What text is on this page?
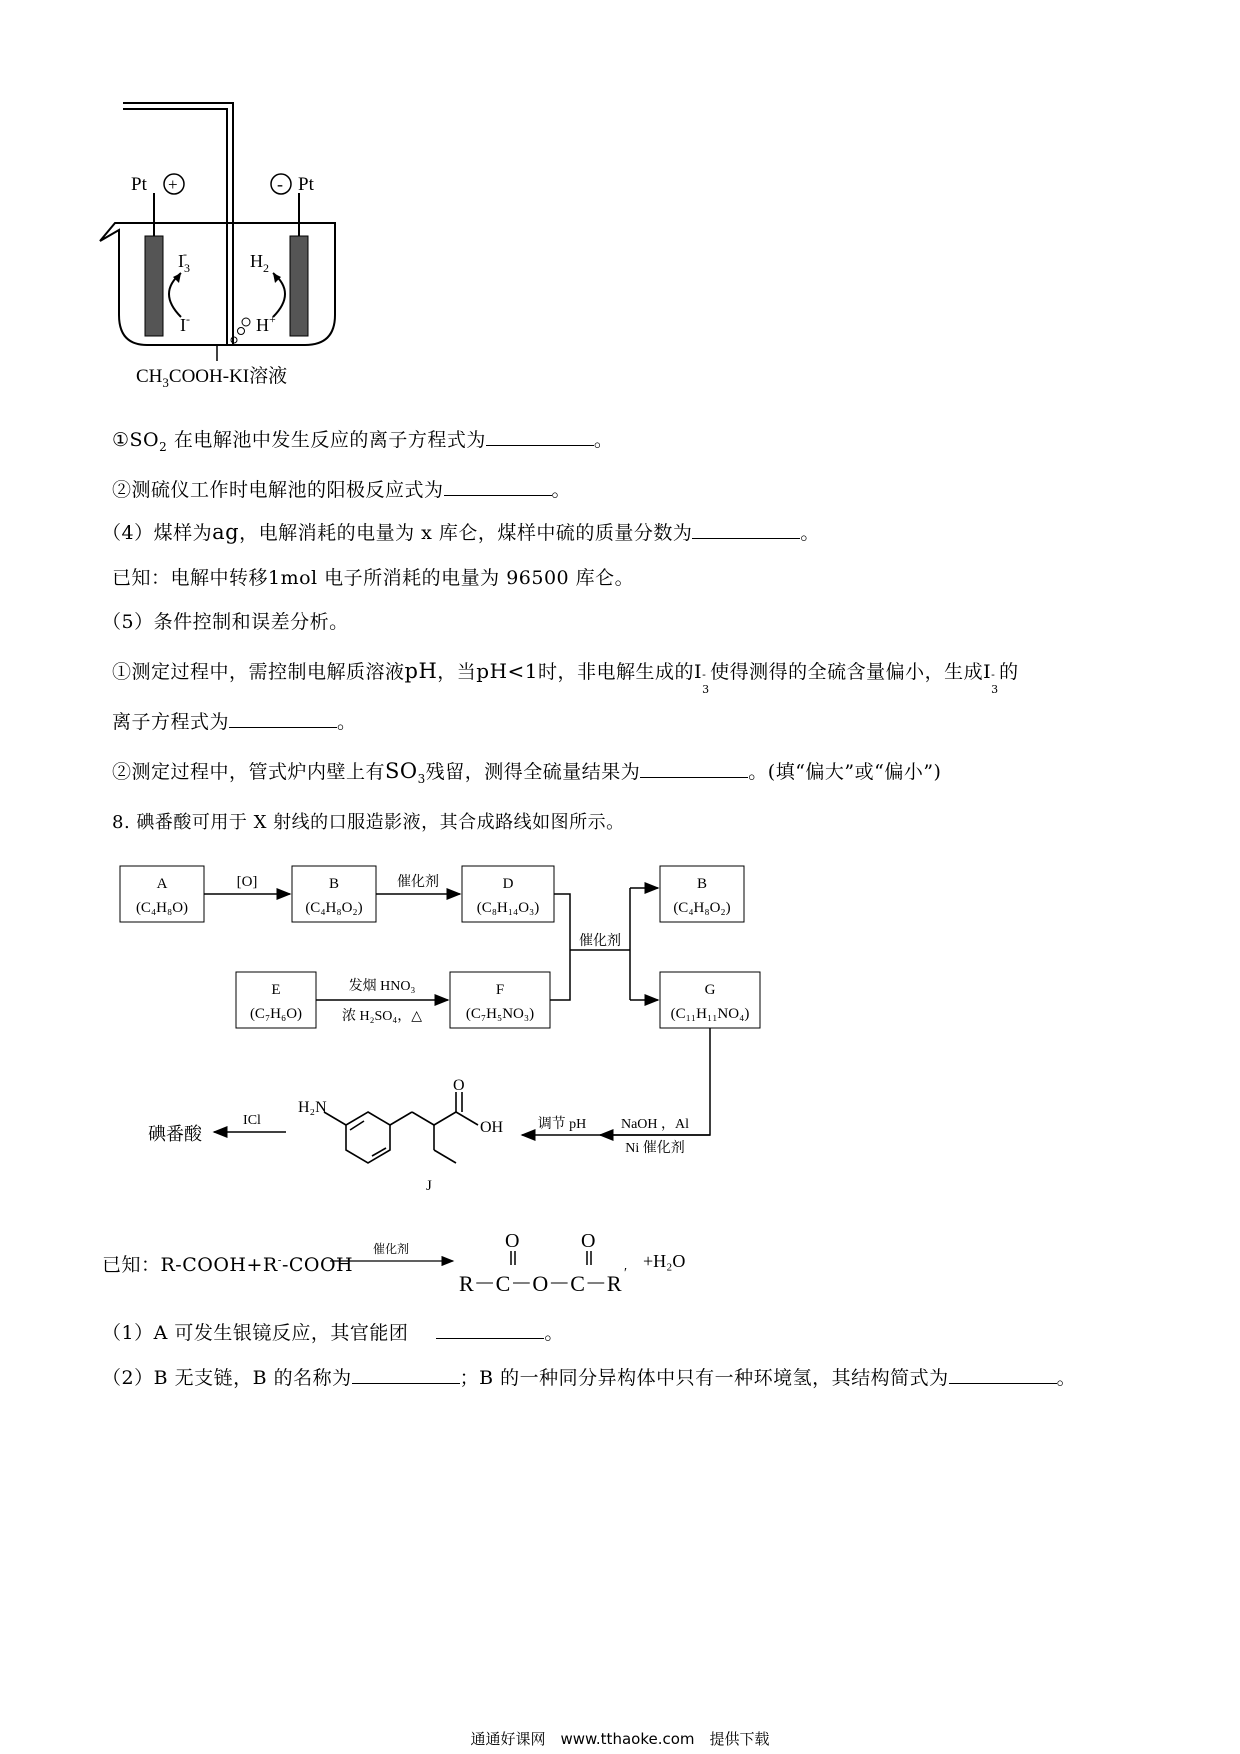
Pt +	- Pt
$I_3-$
I-
$H_2$
H+
$CH_3COOH-KI$溶液
$①SO_2$ 在电解池中发生反应的离子方程式为	。
②测硫仪工作时电解池的阳极反应式为	。
（4）煤样为ag，电解消耗的电量为 x 库仑，煤样中硫的质量分数为	。
已知：电解中转移1mol 电子所消耗的电量为 96500 库仑。
（5）条件控制和误差分析。
①测定过程中，需控制电解质溶液pH，当pH<1时，非电解生成的I -
3
使得测得的全硫含量偏小，生成I -
3
的
离子方程式为	。
②测定过程中，管式炉内壁上有$SO_3$残留，测得全硫量结果为	。(填“偏大”或“偏小”)
8. 碘番酸可用于 X 射线的口服造影液，其合成路线如图所示。
A
(C₄H₈O)
B
(C₄H₈O₂)
D
(C₈H₁₄O₃)
B
(C₄H₈O₂)
[O]	催化剂
E
(C₇H₆O)
F
(C₇H₅NO₃)
G
(C₁₁H₁₁NO₄)
发烟 HNO₃
浓 H₂SO₄，△
催化剂
NaOH ，Al
Ni 催化剂
调节 pH
H₂N
O
OH
J
ICl
碘番酸
已知：R-COOH+R--COOH
催化剂	O	O
R－C－O－C－R ′
+H₂O
（1）A 可发生银镜反应，其官能团	。
（2）B 无支链，B 的名称为	；B 的一种同分异构体中只有一种环境氢，其结构简式为	。
通通好课网　www.tthaoke.com　提供下载
